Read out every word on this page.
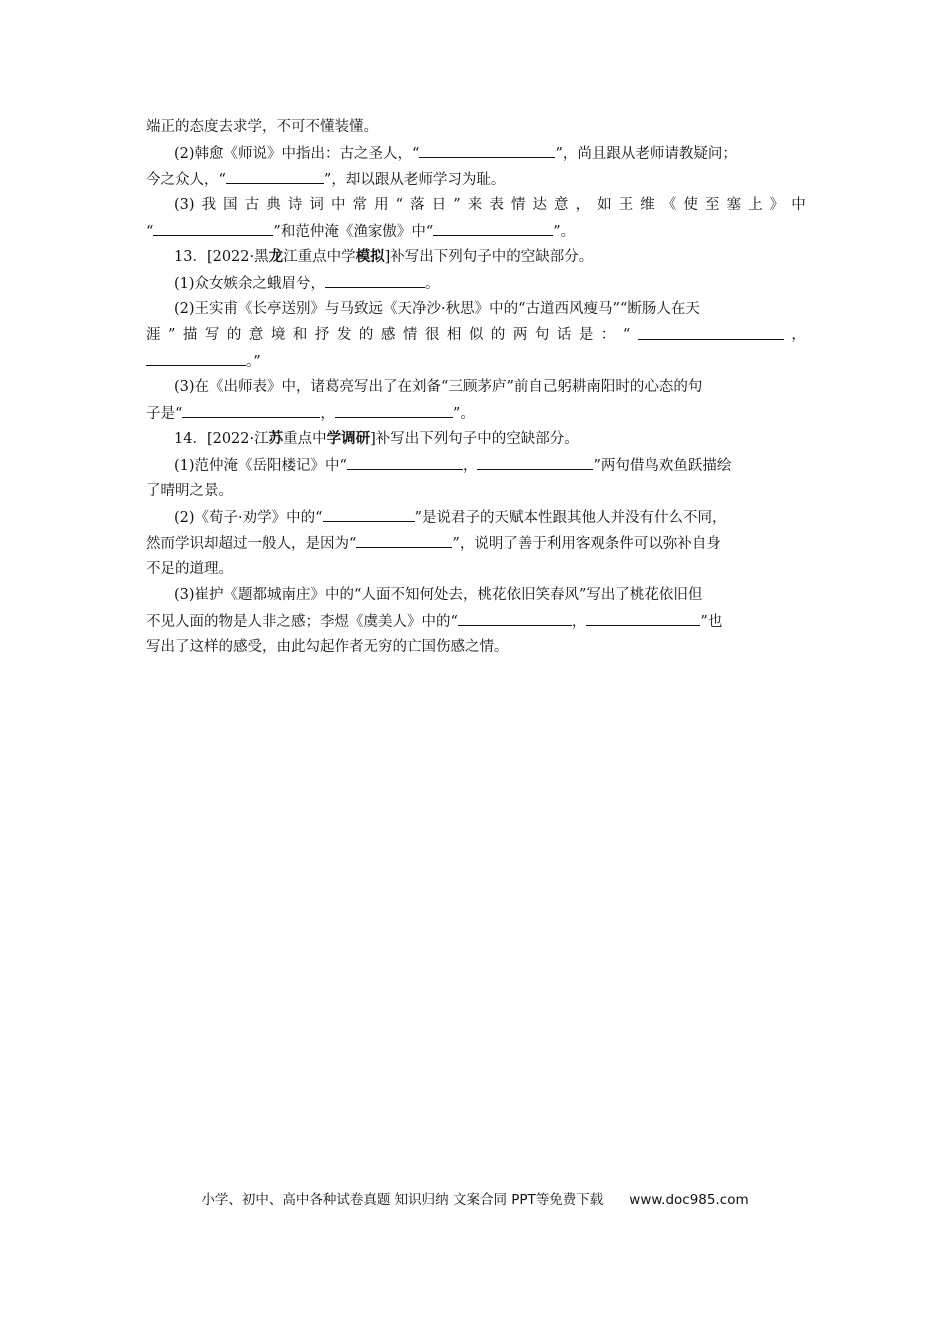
端正的态度去求学，不可不懂装懂。
(2)韩愈《师说》中指出：古之圣人，“	”，尚且跟从老师请教疑问；
今之众人，“	”，却以跟从老师学习为耻。
(3) 我 国 古 典 诗 词 中 常 用 “ 落 日 ” 来 表 情 达 意 ， 如 王 维 《 使 至 塞 上 》 中
“	”和范仲淹《渔家傲》中“	”。
13．[2022·黑龙江重点中学模拟]补写出下列句子中的空缺部分。
(1)众女嫉余之蛾眉兮，	。
(2)王实甫《长亭送别》与马致远《天净沙·秋思》中的“古道西风瘦马”“断肠人在天
涯 ” 描 写 的 意 境 和 抒 发 的 感 情 很 相 似 的 两 句 话 是 ： “	，
。”
(3)在《出师表》中，诸葛亮写出了在刘备“三顾茅庐”前自己躬耕南阳时的心态的句
子是“	，	”。
14．[2022·江苏重点中学调研]补写出下列句子中的空缺部分。
(1)范仲淹《岳阳楼记》中“	，	”两句借鸟欢鱼跃描绘
了晴明之景。
(2)《荀子·劝学》中的“	”是说君子的天赋本性跟其他人并没有什么不同，
然而学识却超过一般人，是因为“	”，说明了善于利用客观条件可以弥补自身
不足的道理。
(3)崔护《题都城南庄》中的“人面不知何处去，桃花依旧笑春风”写出了桃花依旧但
不见人面的物是人非之感；李煜《虞美人》中的“	，	”也
写出了这样的感受，由此勾起作者无穷的亡国伤感之情。
小学、初中、高中各种试卷真题 知识归纳 文案合同 PPT等免费下载 www.doc985.com
